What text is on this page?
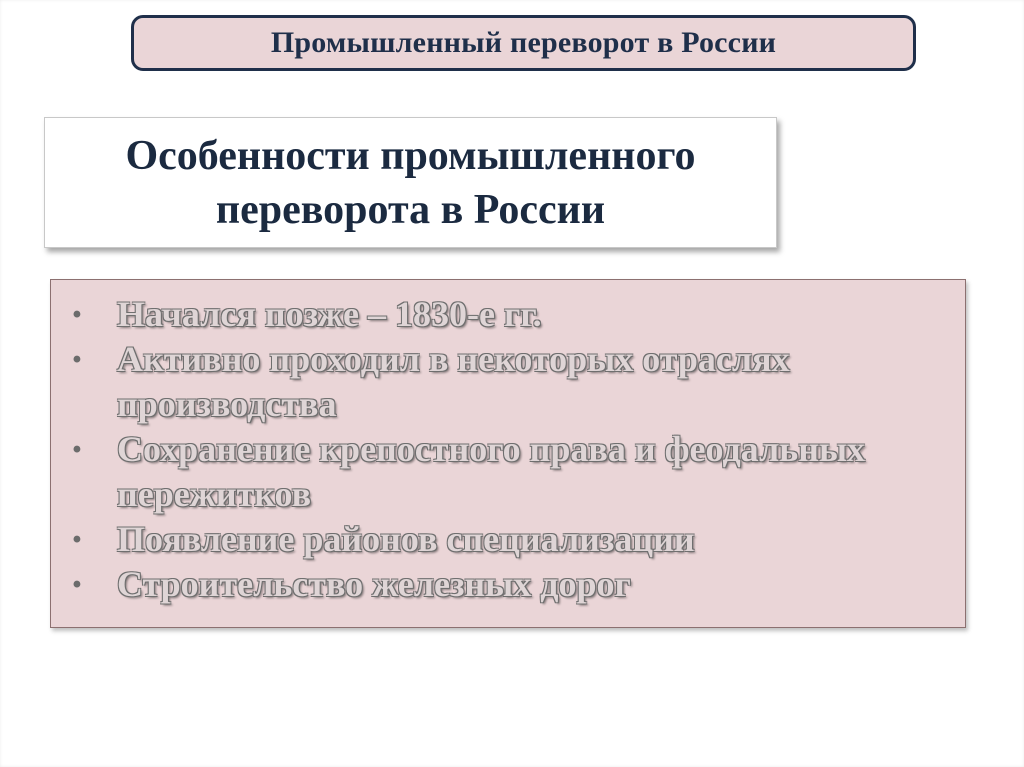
Промышленный переворот в России
Особенности промышленного переворота в России
• Начался позже – 1830-е гг.
• Активно проходил в некоторых отраслях производства
• Сохранение крепостного права и феодальных пережитков
• Появление районов специализации
• Строительство железных дорог
